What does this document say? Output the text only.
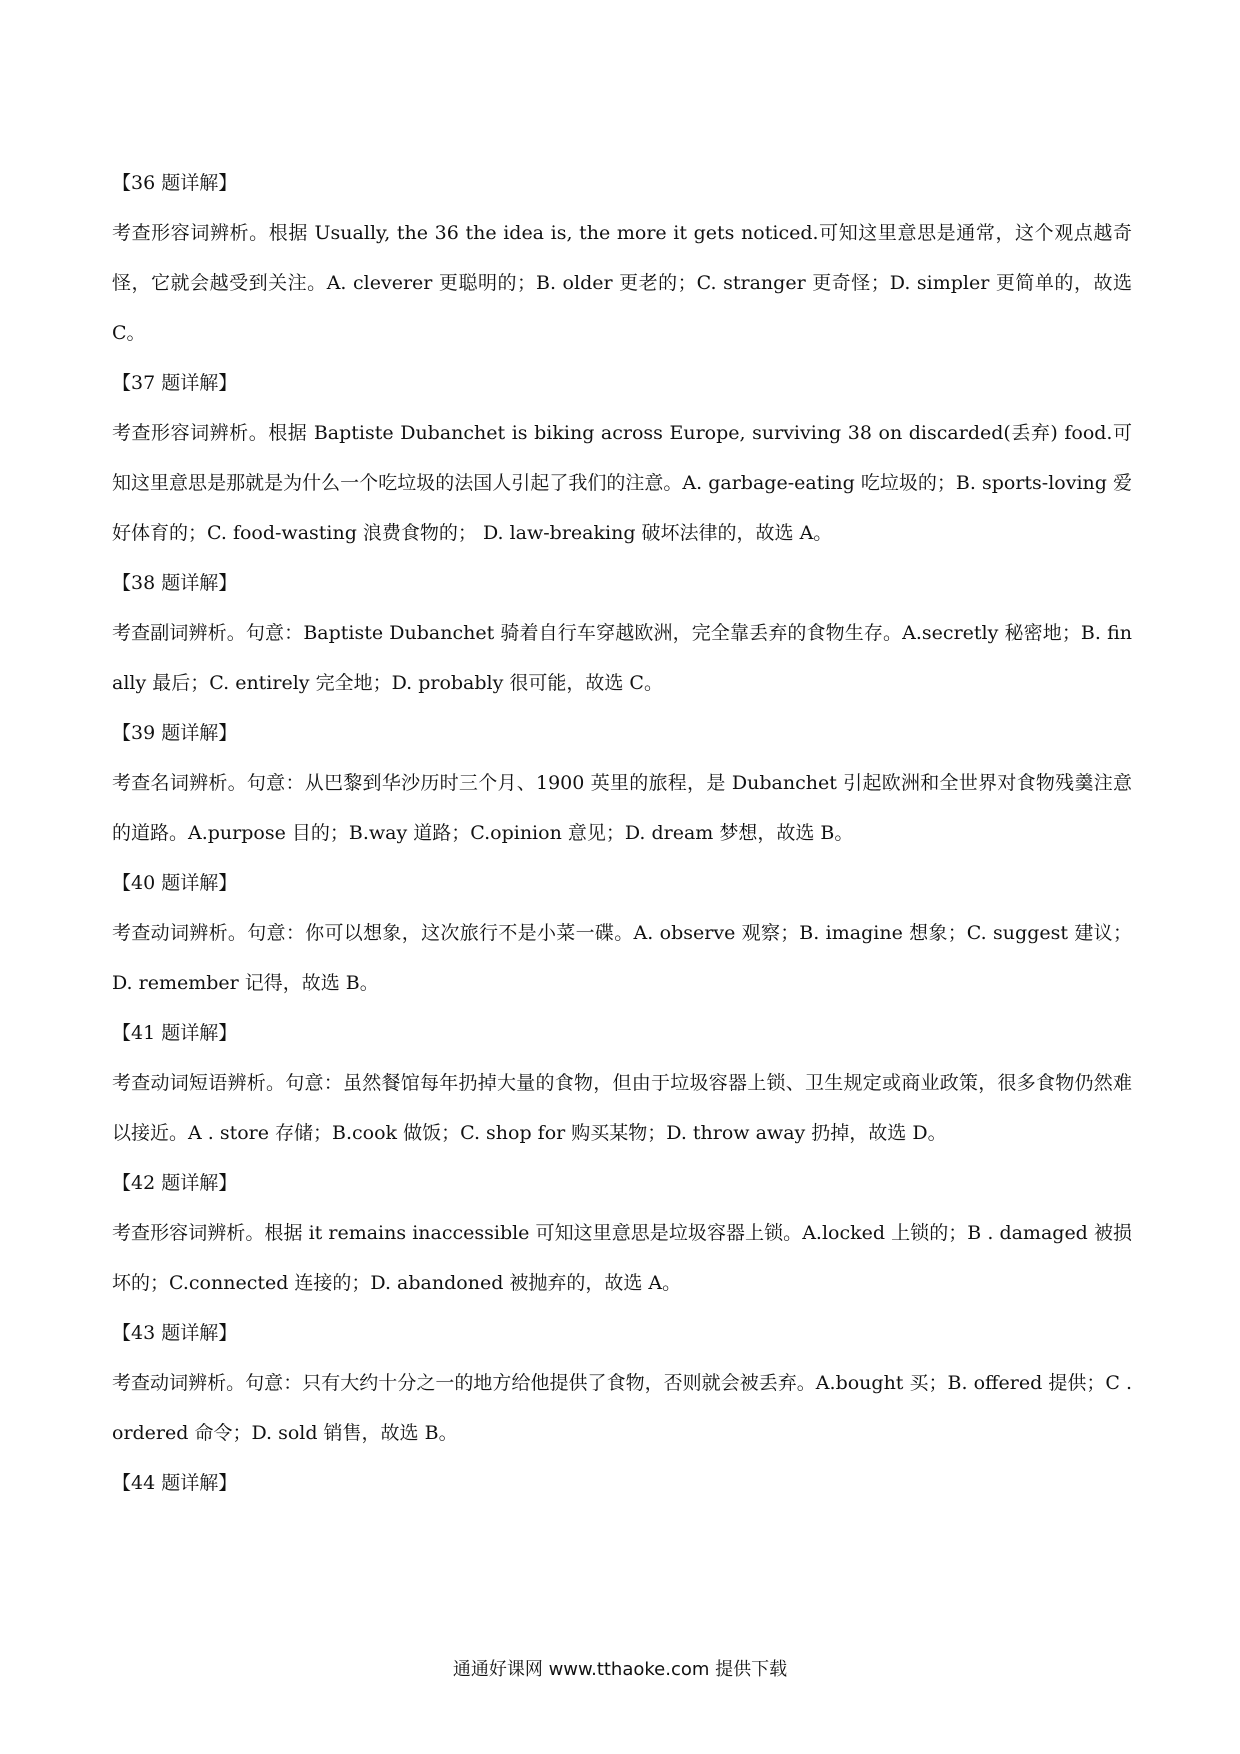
【36 题详解】

考查形容词辨析。根据 Usually, the 36 the idea is, the more it gets noticed.可知这里意思是通常，这个观点越奇怪，它就会越受到关注。A. cleverer 更聪明的；B. older 更老的；C. stranger 更奇怪；D. simpler 更简单的，故选 C。

【37 题详解】

考查形容词辨析。根据 Baptiste Dubanchet is biking across Europe, surviving 38 on discarded(丢弃) food.可知这里意思是那就是为什么一个吃垃圾的法国人引起了我们的注意。A. garbage-eating 吃垃圾的；B. sports-loving 爱好体育的；C. food-wasting 浪费食物的； D. law-breaking 破坏法律的，故选 A。

【38 题详解】

考查副词辨析。句意：Baptiste Dubanchet 骑着自行车穿越欧洲，完全靠丢弃的食物生存。A.secretly 秘密地；B. finally 最后；C. entirely 完全地；D. probably 很可能，故选 C。

【39 题详解】

考查名词辨析。句意：从巴黎到华沙历时三个月、1900 英里的旅程，是 Dubanchet 引起欧洲和全世界对食物残羹注意的道路。A.purpose 目的；B.way 道路；C.opinion 意见；D. dream 梦想，故选 B。

【40 题详解】

考查动词辨析。句意：你可以想象，这次旅行不是小菜一碟。A. observe 观察；B. imagine 想象；C. suggest 建议；D. remember 记得，故选 B。

【41 题详解】

考查动词短语辨析。句意：虽然餐馆每年扔掉大量的食物，但由于垃圾容器上锁、卫生规定或商业政策，很多食物仍然难以接近。A . store 存储；B.cook 做饭；C. shop for 购买某物；D. throw away 扔掉，故选 D。

【42 题详解】

考查形容词辨析。根据 it remains inaccessible 可知这里意思是垃圾容器上锁。A.locked 上锁的；B . damaged 被损坏的；C.connected 连接的；D. abandoned 被抛弃的，故选 A。

【43 题详解】

考查动词辨析。句意：只有大约十分之一的地方给他提供了食物，否则就会被丢弃。A.bought 买；B. offered 提供；C . ordered 命令；D. sold 销售，故选 B。

【44 题详解】
通通好课网 www.tthaoke.com 提供下载
